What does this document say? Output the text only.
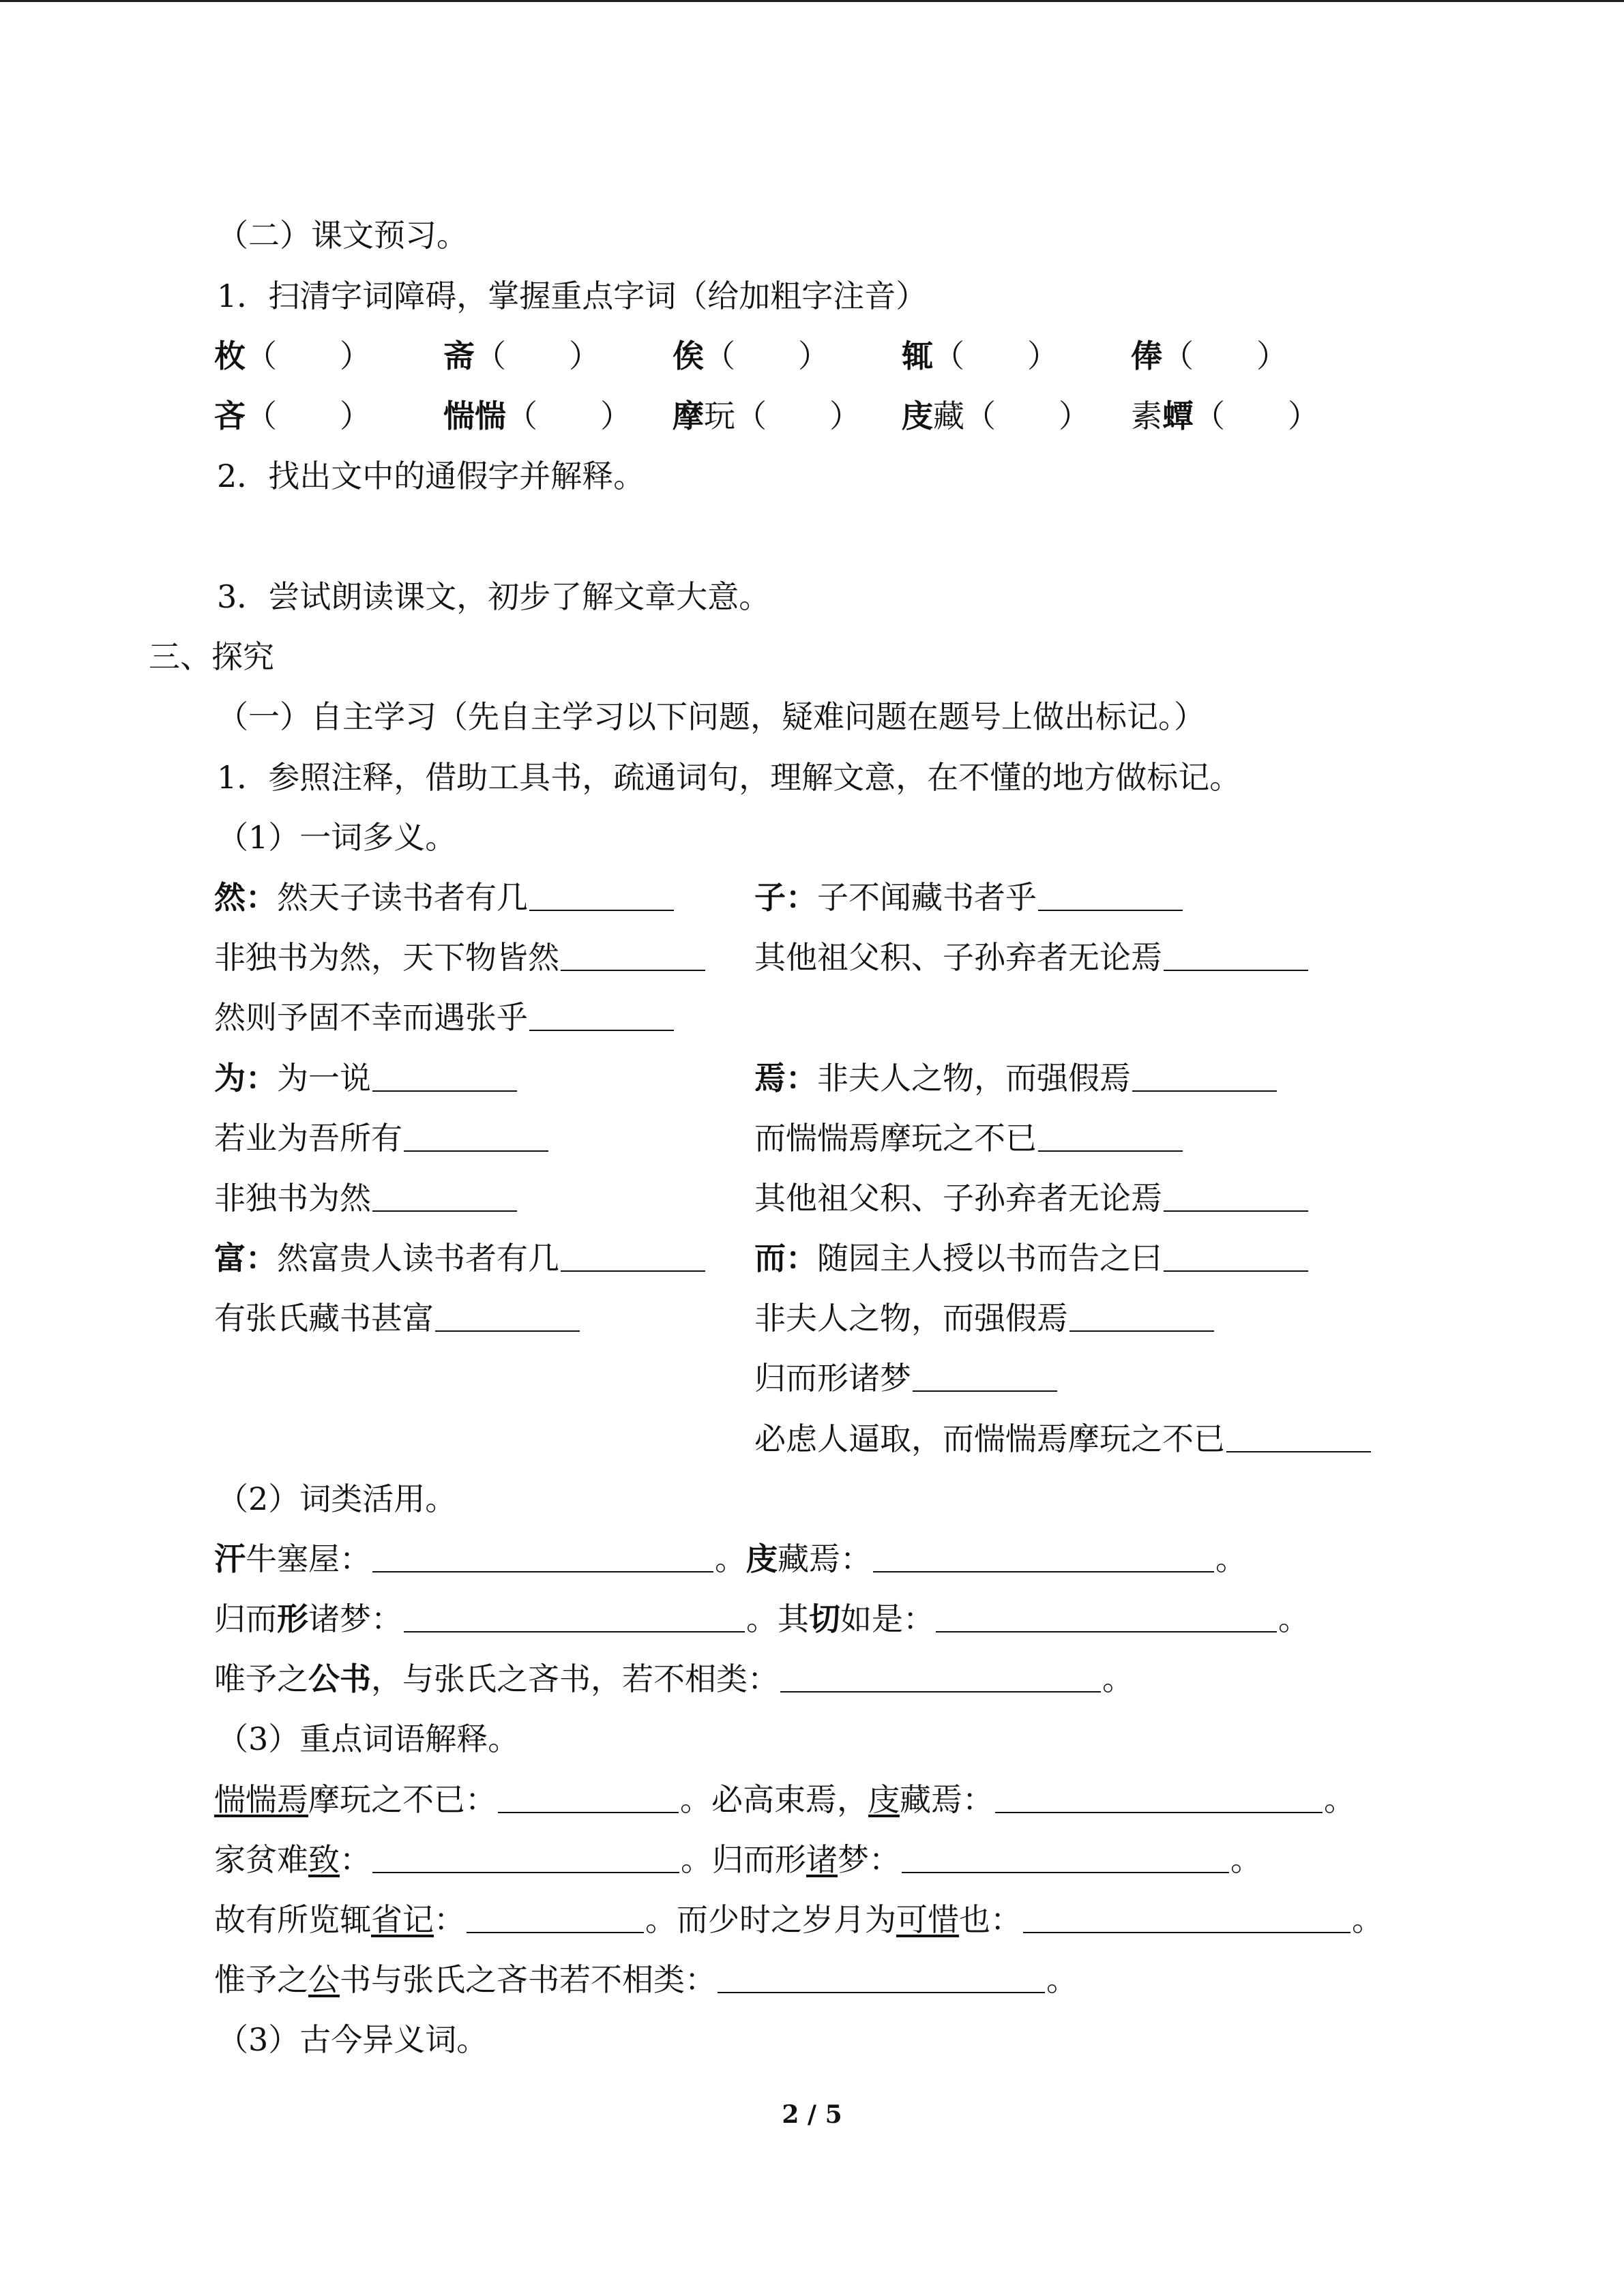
（二）课文预习。
1．扫清字词障碍，掌握重点字词（给加粗字注音）
枚（　　） 斋（　　） 俟（　　） 辄（　　） 俸（　　）
吝（　　） 惴惴（　　） 摩玩（　　） 庋藏（　　） 素蟫（　　）
2．找出文中的通假字并解释。
3．尝试朗读课文，初步了解文章大意。
三、探究
（一）自主学习（先自主学习以下问题，疑难问题在题号上做出标记。）
1．参照注释，借助工具书，疏通词句，理解文意，在不懂的地方做标记。
（1）一词多义。
然：然天子读书者有几
非独书为然，天下物皆然
然则予固不幸而遇张乎
为：为一说
若业为吾所有
非独书为然
富：然富贵人读书者有几
有张氏藏书甚富
子：子不闻藏书者乎
其他祖父积、子孙弃者无论焉
焉：非夫人之物，而强假焉
而惴惴焉摩玩之不已
其他祖父积、子孙弃者无论焉
而：随园主人授以书而告之曰
非夫人之物，而强假焉
归而形诸梦
必虑人逼取，而惴惴焉摩玩之不已
（2）词类活用。
汗牛塞屋：	。庋藏焉：	。
归而形诸梦：	。其切如是：	。
唯予之公书，与张氏之吝书，若不相类：	。
（3）重点词语解释。
惴惴焉摩玩之不已：	。必高束焉，庋藏焉：	。
家贫难致：	。归而形诸梦：	。
故有所览辄省记：	。而少时之岁月为可惜也：	。
惟予之公书与张氏之吝书若不相类：	。
（3）古今异义词。
2 / 5
